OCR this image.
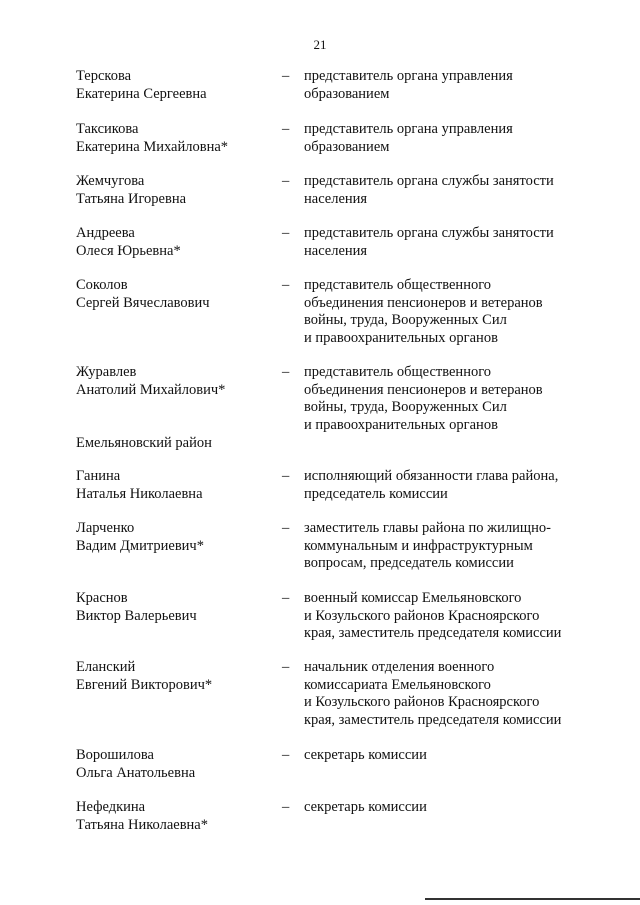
21
Терскова
Екатерина Сергеевна
– представитель органа управления
образованием
Таксикова
Екатерина Михайловна*
– представитель органа управления
образованием
Жемчугова
Татьяна Игоревна
– представитель органа службы занятости
населения
Андреева
Олеся Юрьевна*
– представитель органа службы занятости
населения
Соколов
Сергей Вячеславович
– представитель общественного
объединения пенсионеров и ветеранов
войны, труда, Вооруженных Сил
и правоохранительных органов
Журавлев
Анатолий Михайлович*
– представитель общественного
объединения пенсионеров и ветеранов
войны, труда, Вооруженных Сил
и правоохранительных органов
Емельяновский район
Ганина
Наталья Николаевна
– исполняющий обязанности глава района,
председатель комиссии
Ларченко
Вадим Дмитриевич*
– заместитель главы района по жилищно-
коммунальным и инфраструктурным
вопросам, председатель комиссии
Краснов
Виктор Валерьевич
– военный комиссар Емельяновского
и Козульского районов Красноярского
края, заместитель председателя комиссии
Еланский
Евгений Викторович*
– начальник отделения военного
комиссариата Емельяновского
и Козульского районов Красноярского
края, заместитель председателя комиссии
Ворошилова
Ольга Анатольевна
– секретарь комиссии
Нефедкина
Татьяна Николаевна*
– секретарь комиссии
